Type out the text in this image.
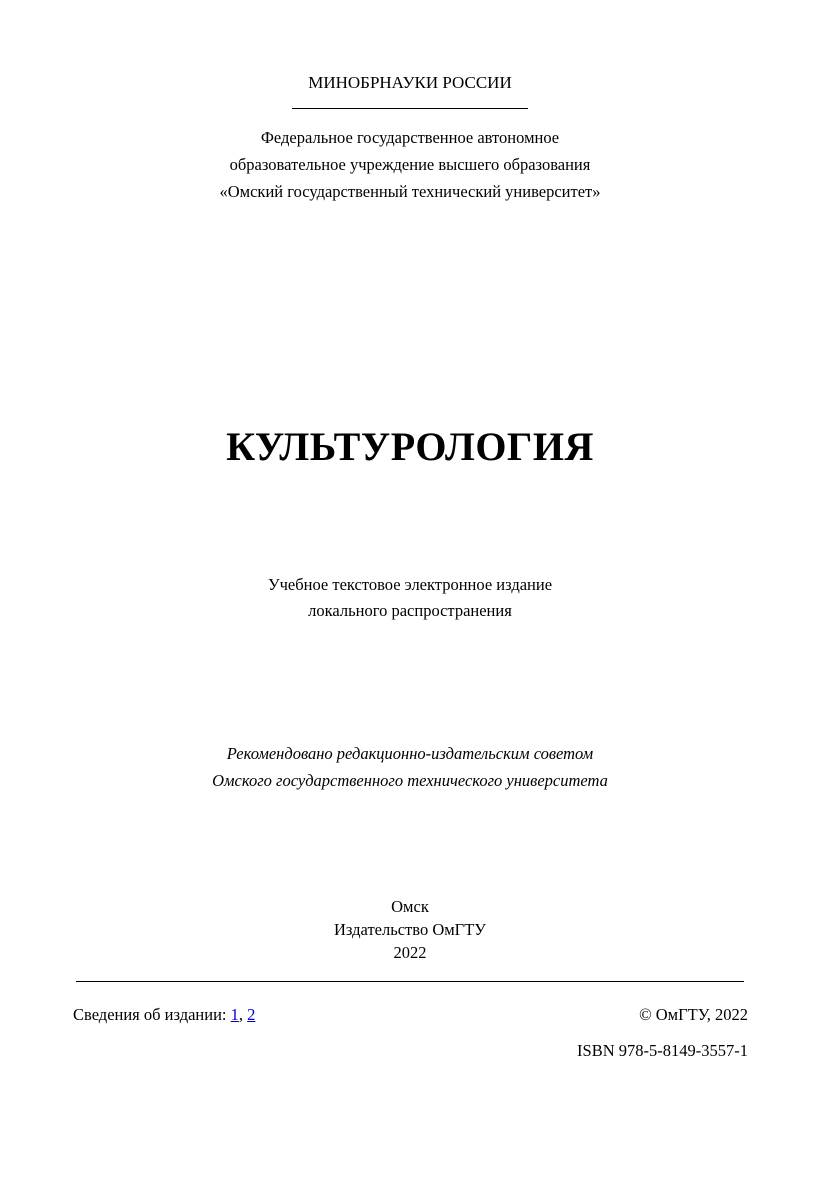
МИНОБРНАУКИ РОССИИ
Федеральное государственное автономное
образовательное учреждение высшего образования
«Омский государственный технический университет»
КУЛЬТУРОЛОГИЯ
Учебное текстовое электронное издание
локального распространения
Рекомендовано редакционно-издательским советом
Омского государственного технического университета
Омск
Издательство ОмГТУ
2022
Сведения об издании: 1, 2	© ОмГТУ, 2022
ISBN 978-5-8149-3557-1
